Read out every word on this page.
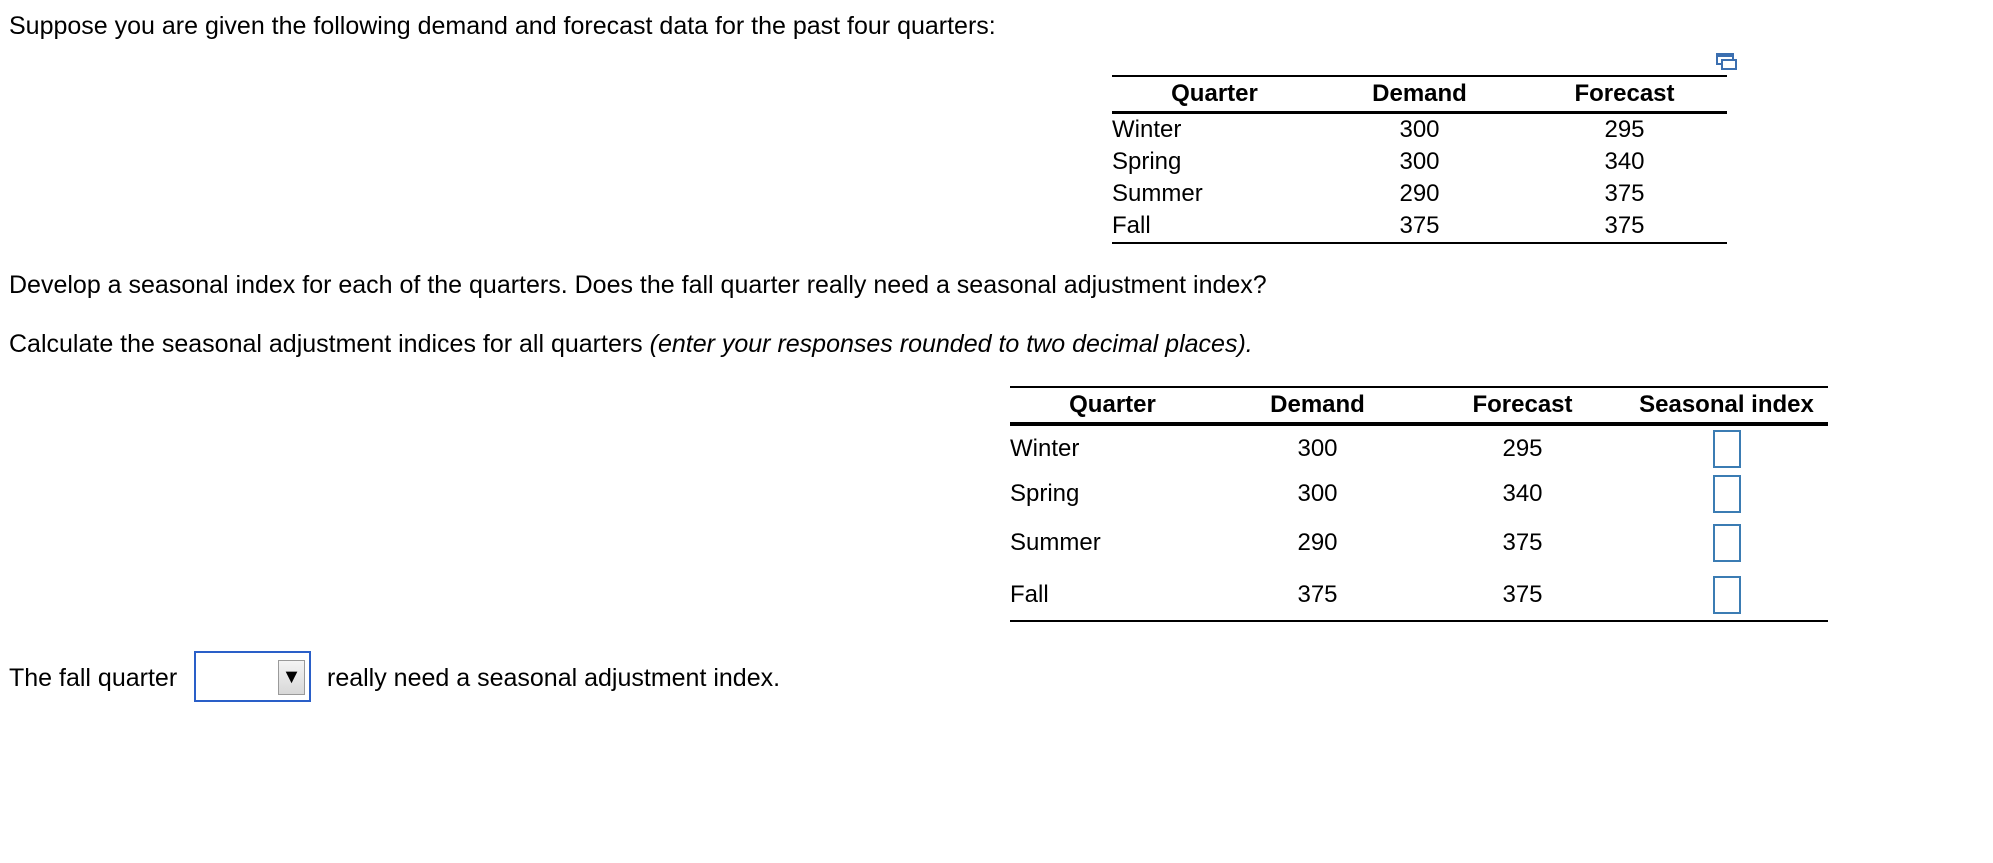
Suppose you are given the following demand and forecast data for the past four quarters:

Quarter	Demand	Forecast
Winter	300	295
Spring	300	340
Summer	290	375
Fall	375	375

Develop a seasonal index for each of the quarters. Does the fall quarter really need a seasonal adjustment index?

Calculate the seasonal adjustment indices for all quarters (enter your responses rounded to two decimal places).

Quarter	Demand	Forecast	Seasonal index
Winter	300	295	
Spring	300	340	
Summer	290	375	
Fall	375	375	

The fall quarter	▼ really need a seasonal adjustment index.
